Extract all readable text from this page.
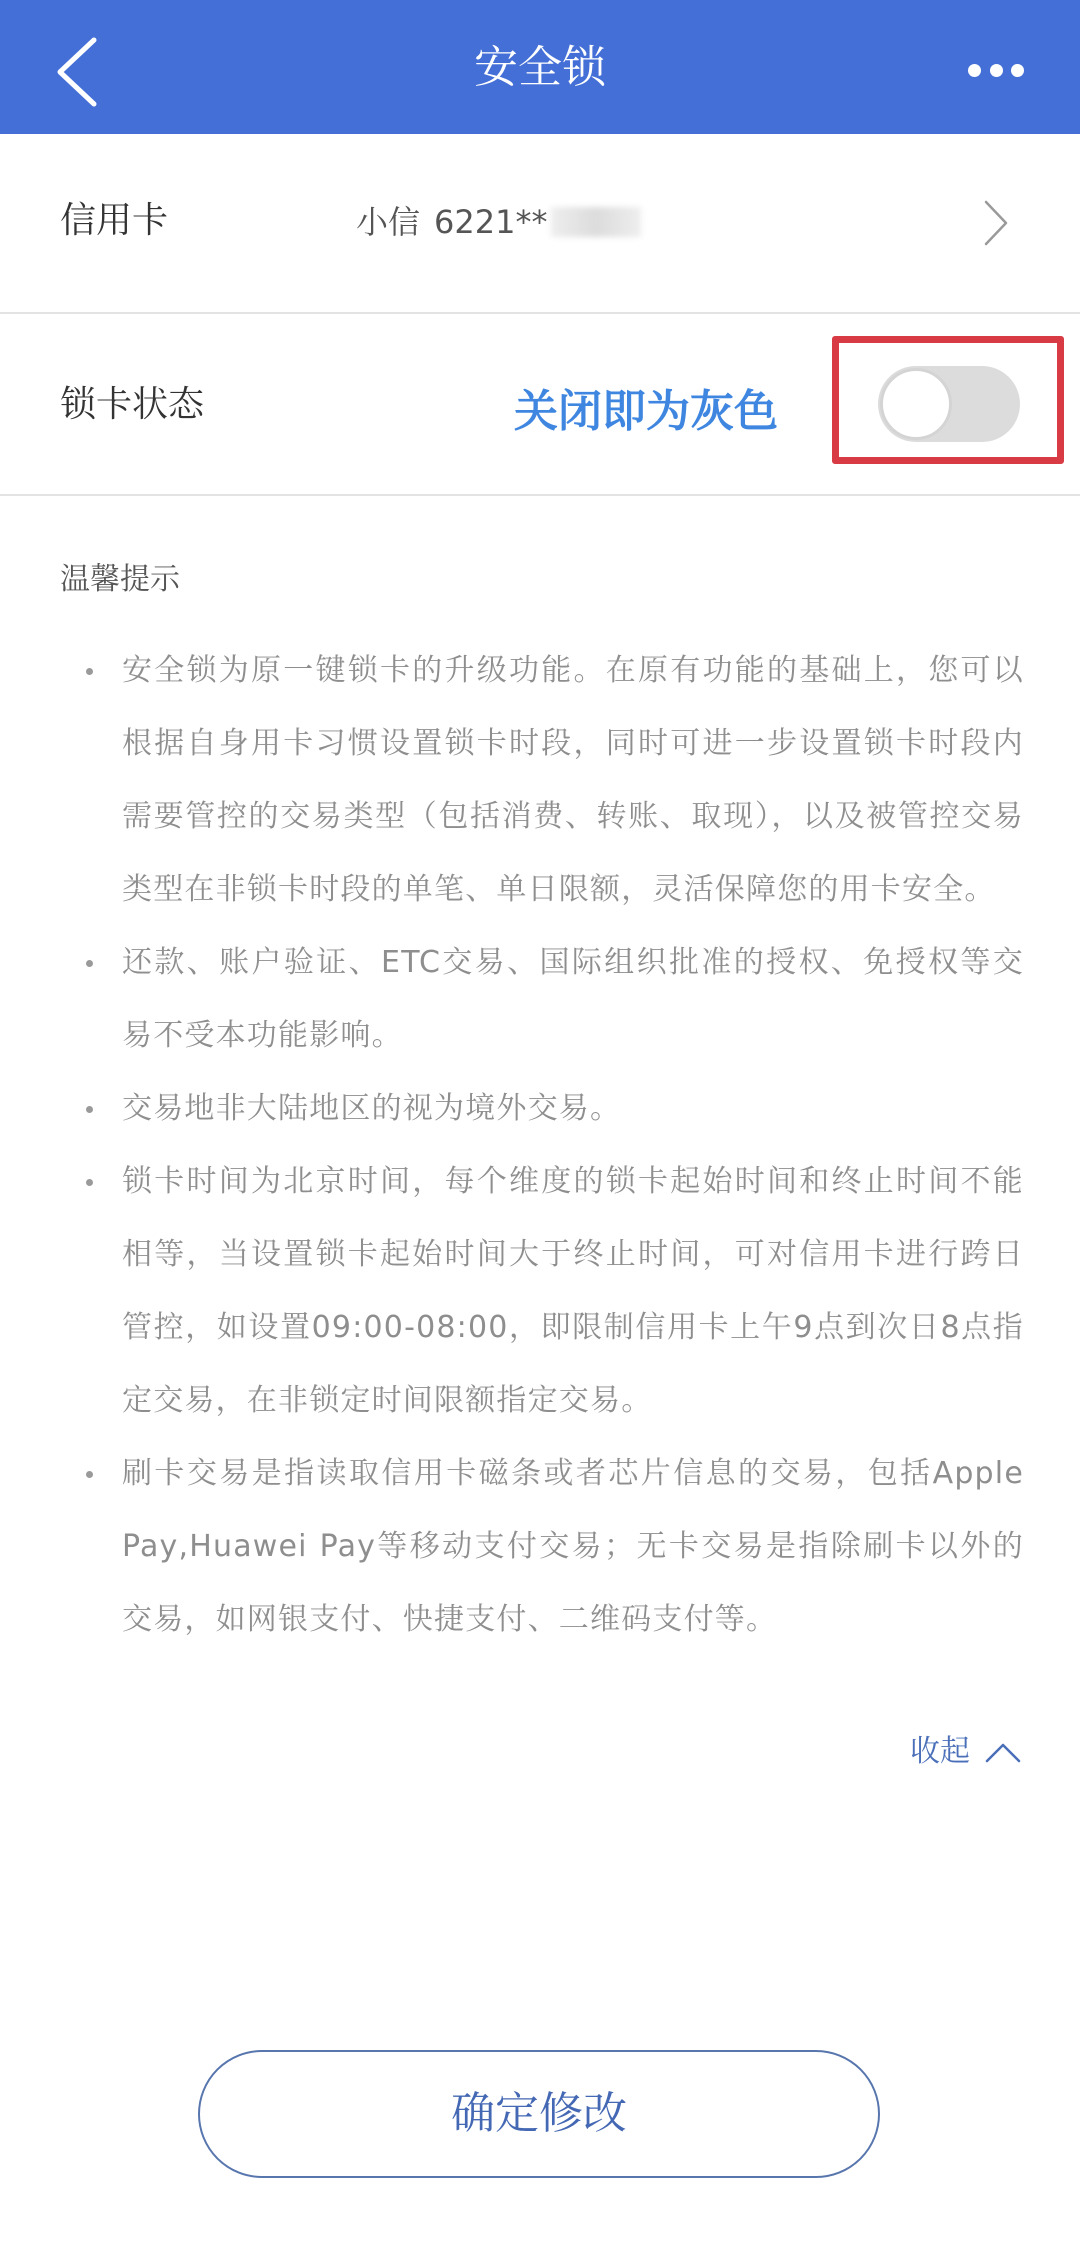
安全锁
信用卡	小信 6221**
锁卡状态	关闭即为灰色
温馨提示
安全锁为原一键锁卡的升级功能。在原有功能的基础上，您可以根据自身用卡习惯设置锁卡时段，同时可进一步设置锁卡时段内需要管控的交易类型（包括消费、转账、取现），以及被管控交易类型在非锁卡时段的单笔、单日限额，灵活保障您的用卡安全。
还款、账户验证、ETC交易、国际组织批准的授权、免授权等交易不受本功能影响。
交易地非大陆地区的视为境外交易。
锁卡时间为北京时间，每个维度的锁卡起始时间和终止时间不能相等，当设置锁卡起始时间大于终止时间，可对信用卡进行跨日管控，如设置09:00-08:00，即限制信用卡上午9点到次日8点指定交易，在非锁定时间限额指定交易。
刷卡交易是指读取信用卡磁条或者芯片信息的交易，包括Apple Pay,Huawei Pay等移动支付交易；无卡交易是指除刷卡以外的交易，如网银支付、快捷支付、二维码支付等。
收起
确定修改
